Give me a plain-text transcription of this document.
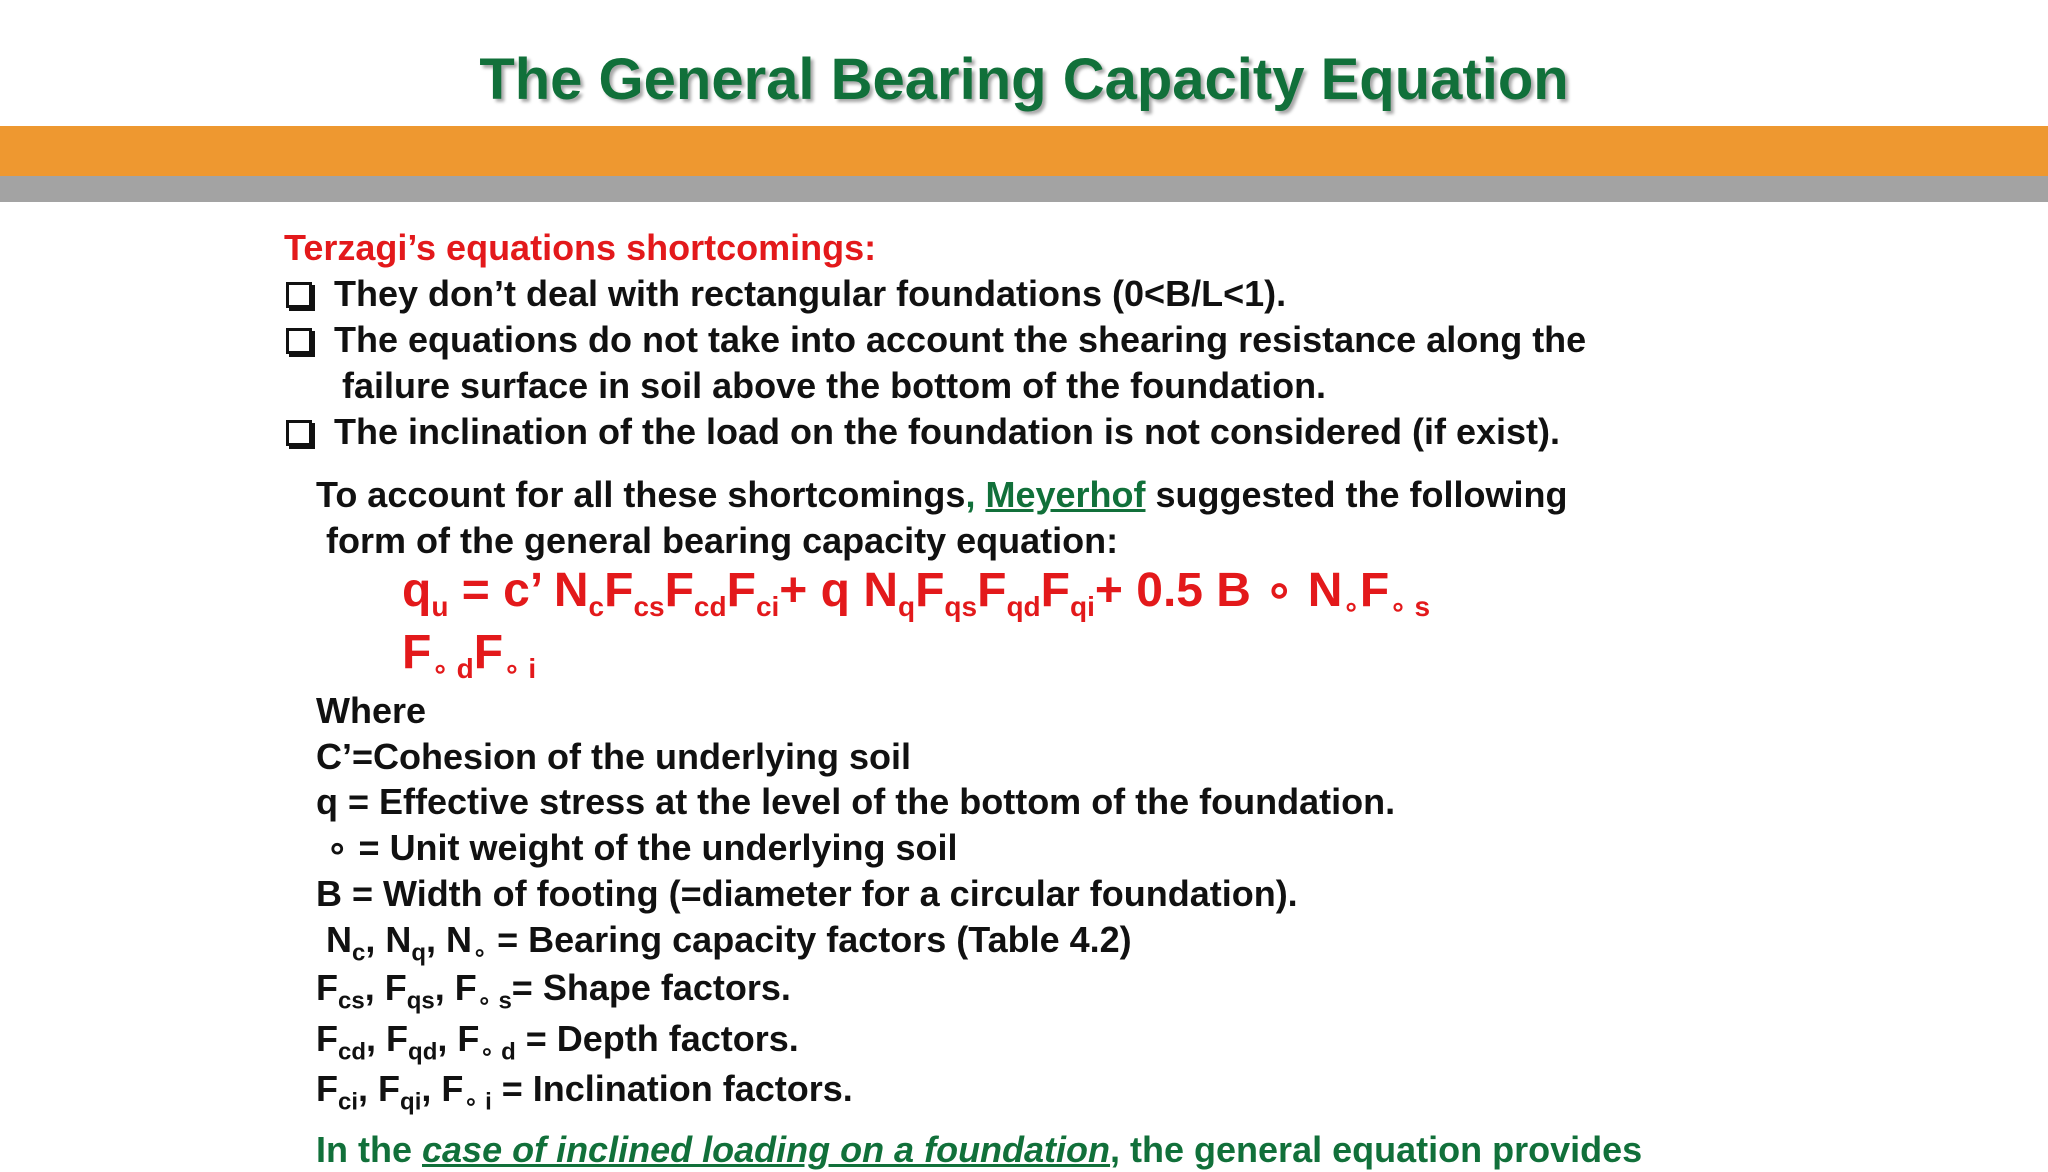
The General Bearing Capacity Equation
Terzagi’s equations shortcomings:
They don’t deal with rectangular foundations (0<B/L<1).
The equations do not take into account the shearing resistance along the
failure surface in soil above the bottom of the foundation.
The inclination of the load on the foundation is not considered (if exist).
To account for all these shortcomings, Meyerhof suggested the following
form of the general bearing capacity equation:
$q_u = c$’ $N_cF_{cs}F_{cd}F_{ci}+ q$ $N_qF_{qs}F_{qd}F_{qi}+ 0.5$ B ∘ $N_\circ F_{\circ s}$
$F_{\circ d}F_{\circ i}$
Where
C’=Cohesion of the underlying soil
q = Effective stress at the level of the bottom of the foundation.
∘ = Unit weight of the underlying soil
B = Width of footing (=diameter for a circular foundation).
$N_c$, $N_q$, $N_\circ$ = Bearing capacity factors (Table 4.2)
$F_{cs}$, $F_{qs}$, $F_{\circ s}=$ Shape factors.
$F_{cd}$, $F_{qd}$, $F_{\circ d}$ = Depth factors.
$F_{ci}$, $F_{qi}$, $F_{\circ i}$ = Inclination factors.
In the case of inclined loading on a foundation, the general equation provides
